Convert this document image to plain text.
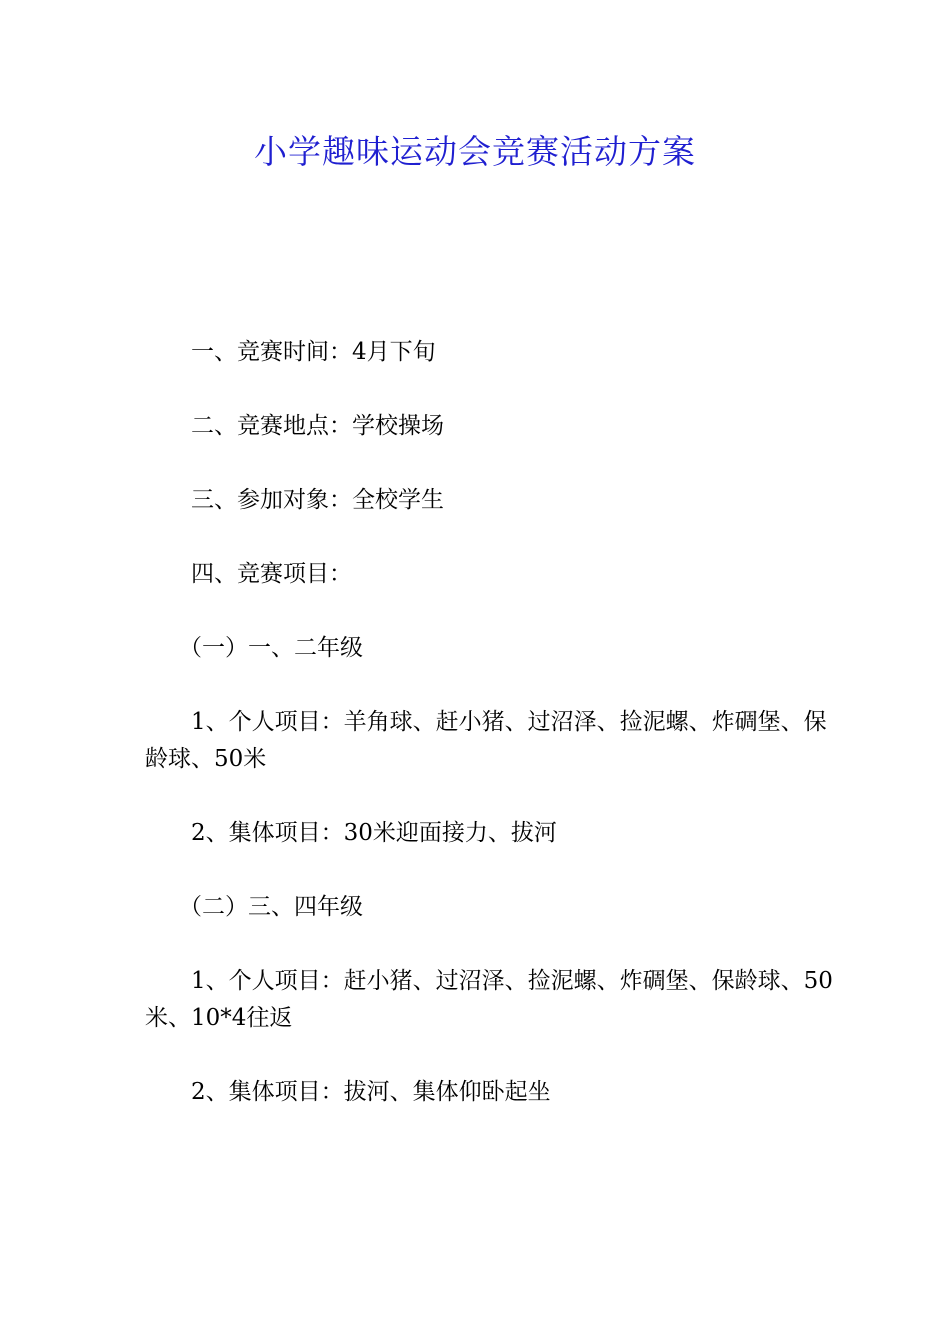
小学趣味运动会竞赛活动方案

一、竞赛时间：4月下旬

二、竞赛地点：学校操场

三、参加对象：全校学生

四、竞赛项目：

（一）一、二年级

1、个人项目：羊角球、赶小猪、过沼泽、捡泥螺、炸碉堡、保龄球、50米

2、集体项目：30米迎面接力、拔河

（二）三、四年级

1、个人项目：赶小猪、过沼泽、捡泥螺、炸碉堡、保龄球、50米、10*4往返

2、集体项目：拔河、集体仰卧起坐
